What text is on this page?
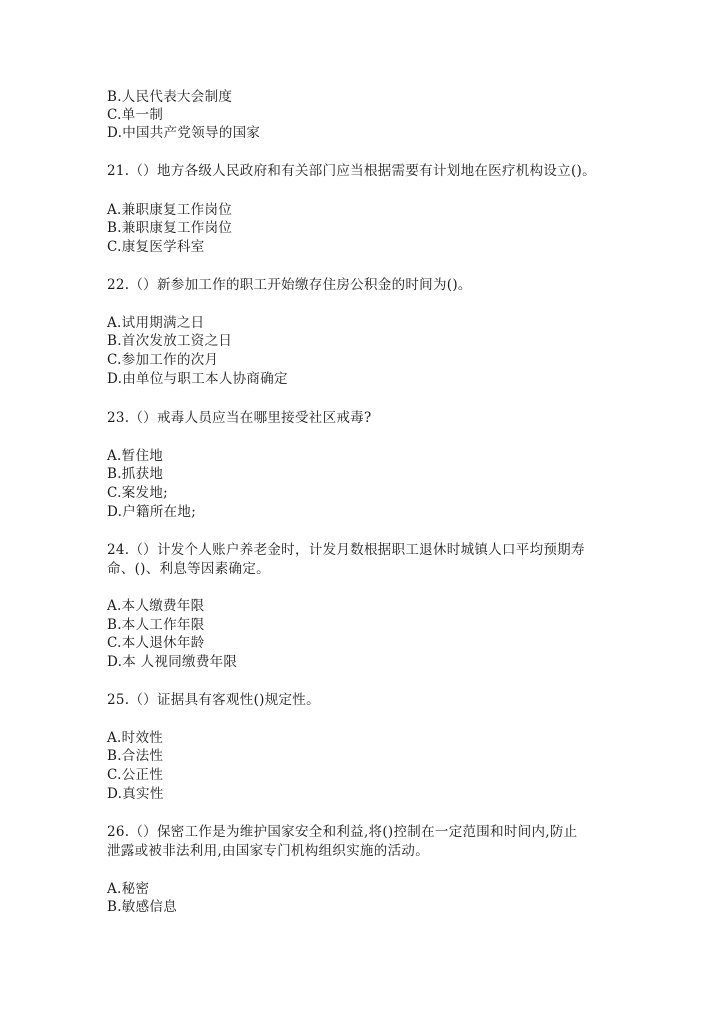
B.人民代表大会制度
C.单一制
D.中国共产党领导的国家
21.（）地方各级人民政府和有关部门应当根据需要有计划地在医疗机构设立()。
A.兼职康复工作岗位
B.兼职康复工作岗位
C.康复医学科室
22.（）新参加工作的职工开始缴存住房公积金的时间为()。
A.试用期满之日
B.首次发放工资之日
C.参加工作的次月
D.由单位与职工本人协商确定
23.（）戒毒人员应当在哪里接受社区戒毒?
A.暂住地
B.抓获地
C.案发地;
D.户籍所在地;
24.（）计发个人账户养老金时，计发月数根据职工退休时城镇人口平均预期寿
命、()、利息等因素确定。
A.本人缴费年限
B.本人工作年限
C.本人退休年龄
D.本 人视同缴费年限
25.（）证据具有客观性()规定性。
A.时效性
B.合法性
C.公正性
D.真实性
26.（）保密工作是为维护国家安全和利益,将()控制在一定范围和时间内,防止
泄露或被非法利用,由国家专门机构组织实施的活动。
A.秘密
B.敏感信息
